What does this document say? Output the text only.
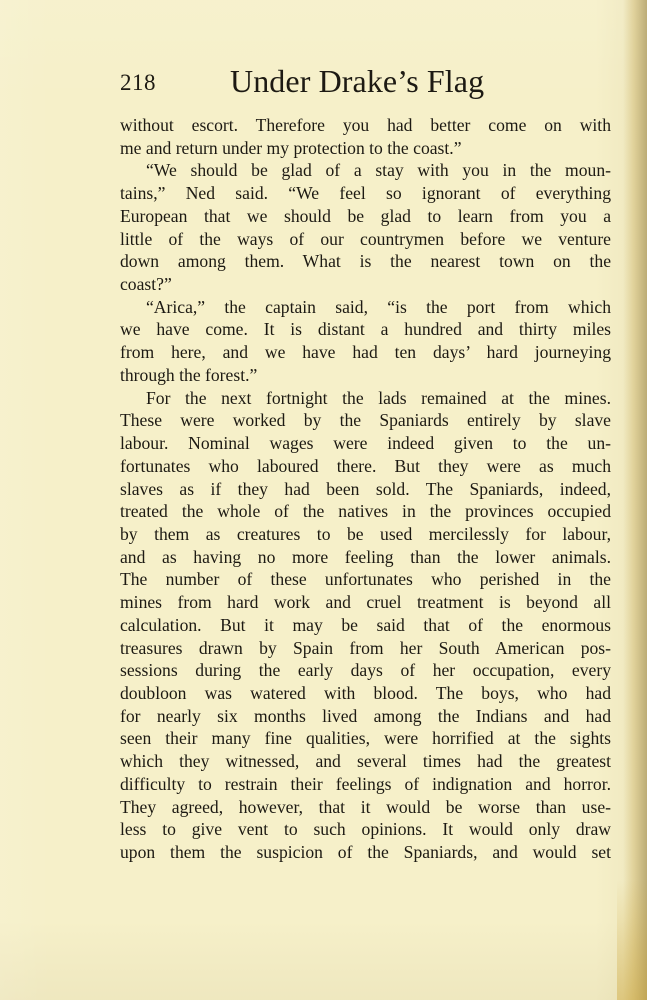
218 Under Drake’s Flag
without escort. Therefore you had better come on with
me and return under my protection to the coast.”
“We should be glad of a stay with you in the moun-
tains,” Ned said. “We feel so ignorant of everything
European that we should be glad to learn from you a
little of the ways of our countrymen before we venture
down among them. What is the nearest town on the
coast?”
“Arica,” the captain said, “is the port from which
we have come. It is distant a hundred and thirty miles
from here, and we have had ten days’ hard journeying
through the forest.”
For the next fortnight the lads remained at the mines.
These were worked by the Spaniards entirely by slave
labour. Nominal wages were indeed given to the un-
fortunates who laboured there. But they were as much
slaves as if they had been sold. The Spaniards, indeed,
treated the whole of the natives in the provinces occupied
by them as creatures to be used mercilessly for labour,
and as having no more feeling than the lower animals.
The number of these unfortunates who perished in the
mines from hard work and cruel treatment is beyond all
calculation. But it may be said that of the enormous
treasures drawn by Spain from her South American pos-
sessions during the early days of her occupation, every
doubloon was watered with blood. The boys, who had
for nearly six months lived among the Indians and had
seen their many fine qualities, were horrified at the sights
which they witnessed, and several times had the greatest
difficulty to restrain their feelings of indignation and horror.
They agreed, however, that it would be worse than use-
less to give vent to such opinions. It would only draw
upon them the suspicion of the Spaniards, and would set
